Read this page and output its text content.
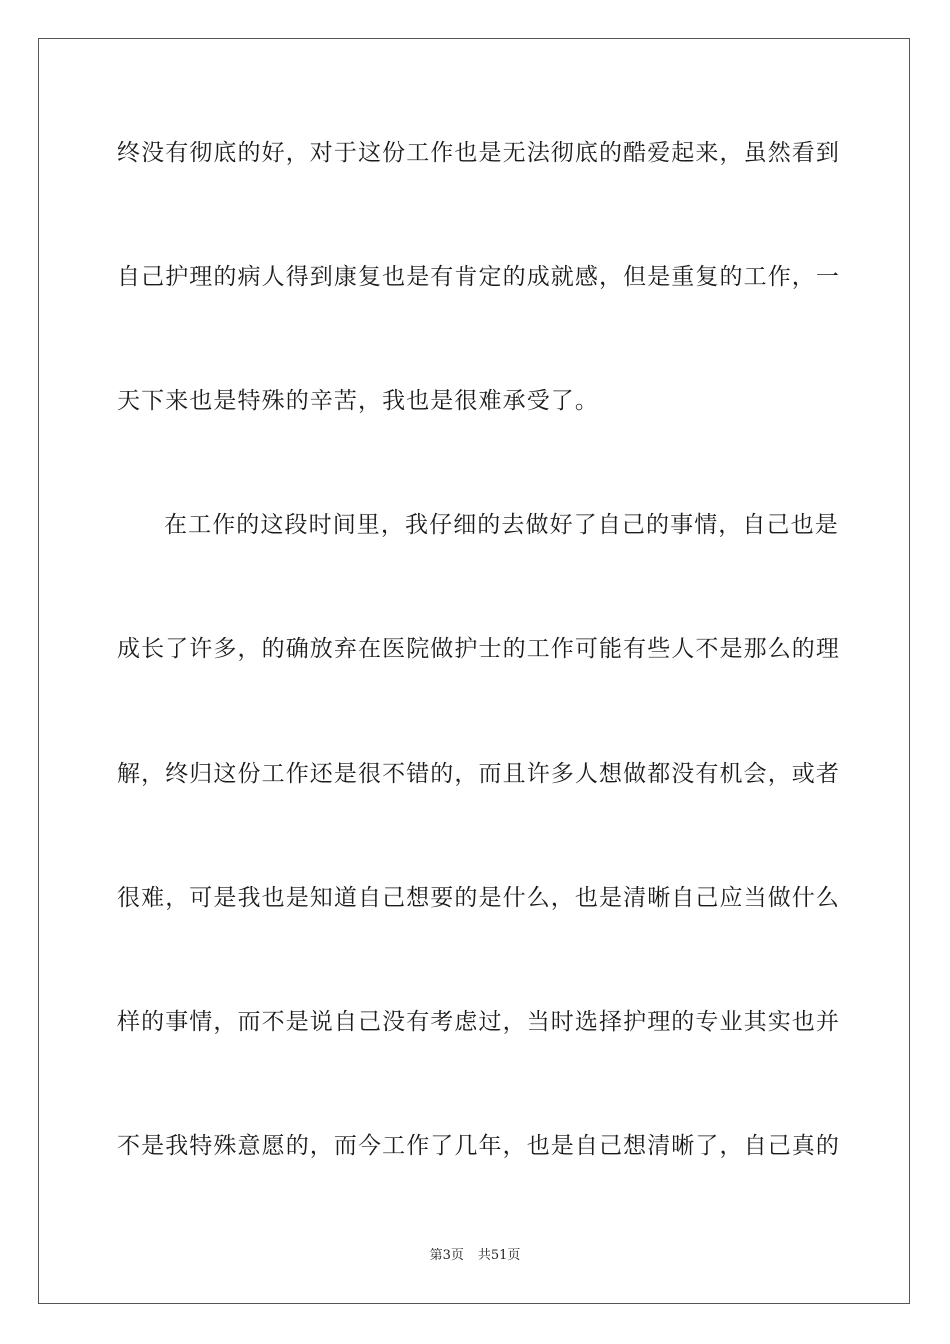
终没有彻底的好，对于这份工作也是无法彻底的酷爱起来，虽然看到
自己护理的病人得到康复也是有肯定的成就感，但是重复的工作，一
天下来也是特殊的辛苦，我也是很难承受了。
在工作的这段时间里，我仔细的去做好了自己的事情，自己也是
成长了许多，的确放弃在医院做护士的工作可能有些人不是那么的理
解，终归这份工作还是很不错的，而且许多人想做都没有机会，或者
很难，可是我也是知道自己想要的是什么，也是清晰自己应当做什么
样的事情，而不是说自己没有考虑过，当时选择护理的专业其实也并
不是我特殊意愿的，而今工作了几年，也是自己想清晰了，自己真的
第3页 共51页
